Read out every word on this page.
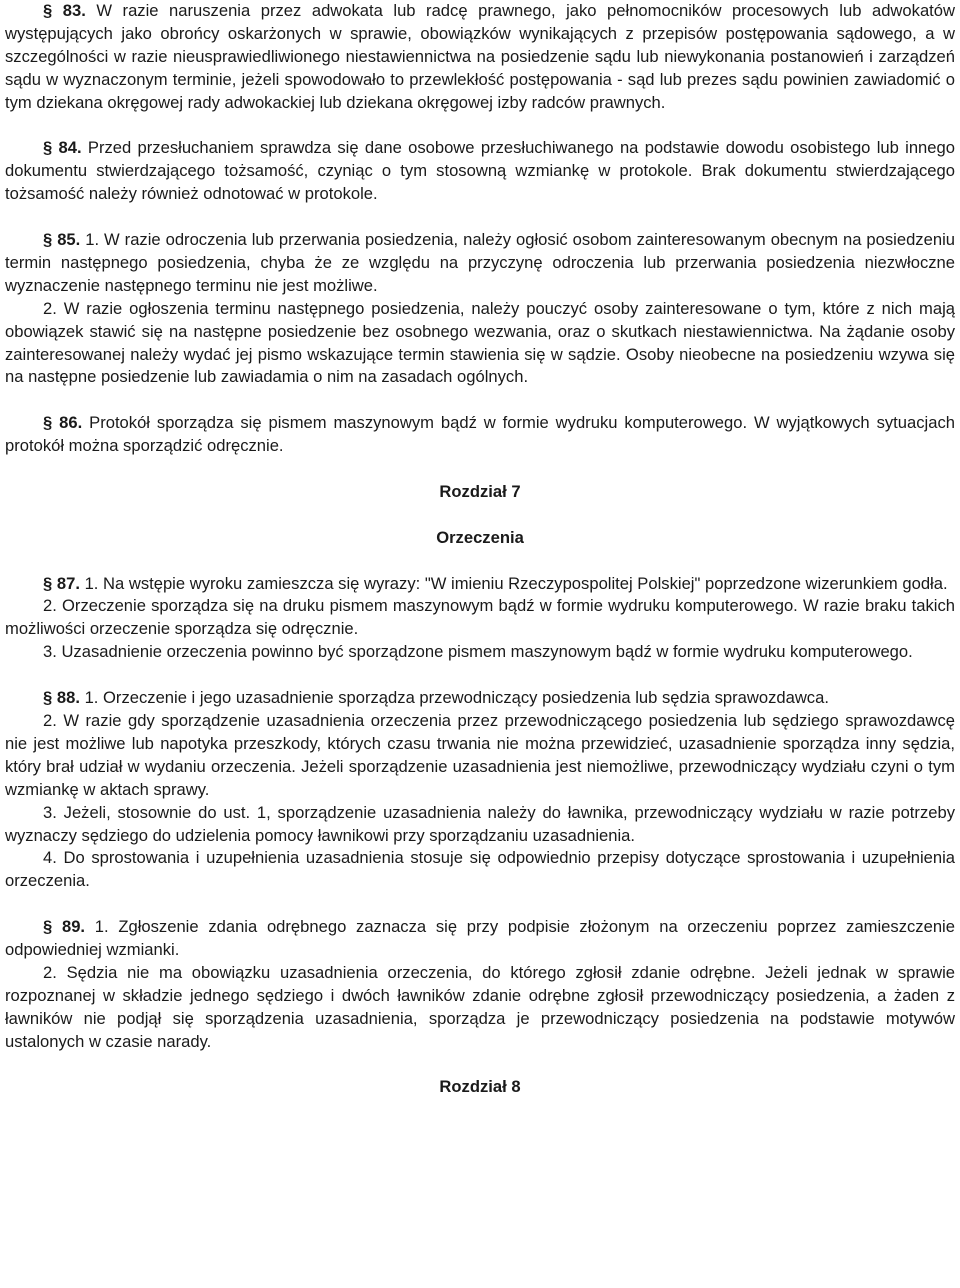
§ 83. W razie naruszenia przez adwokata lub radcę prawnego, jako pełnomocników procesowych lub adwokatów występujących jako obrońcy oskarżonych w sprawie, obowiązków wynikających z przepisów postępowania sądowego, a w szczególności w razie nieusprawiedliwionego niestawiennictwa na posiedzenie sądu lub niewykonania postanowień i zarządzeń sądu w wyznaczonym terminie, jeżeli spowodowało to przewlekłość postępowania - sąd lub prezes sądu powinien zawiadomić o tym dziekana okręgowej rady adwokackiej lub dziekana okręgowej izby radców prawnych.

§ 84. Przed przesłuchaniem sprawdza się dane osobowe przesłuchiwanego na podstawie dowodu osobistego lub innego dokumentu stwierdzającego tożsamość, czyniąc o tym stosowną wzmiankę w protokole. Brak dokumentu stwierdzającego tożsamość należy również odnotować w protokole.

§ 85. 1. W razie odroczenia lub przerwania posiedzenia, należy ogłosić osobom zainteresowanym obecnym na posiedzeniu termin następnego posiedzenia, chyba że ze względu na przyczynę odroczenia lub przerwania posiedzenia niezwłoczne wyznaczenie następnego terminu nie jest możliwe.

2. W razie ogłoszenia terminu następnego posiedzenia, należy pouczyć osoby zainteresowane o tym, które z nich mają obowiązek stawić się na następne posiedzenie bez osobnego wezwania, oraz o skutkach niestawiennictwa. Na żądanie osoby zainteresowanej należy wydać jej pismo wskazujące termin stawienia się w sądzie. Osoby nieobecne na posiedzeniu wzywa się na następne posiedzenie lub zawiadamia o nim na zasadach ogólnych.

§ 86. Protokół sporządza się pismem maszynowym bądź w formie wydruku komputerowego. W wyjątkowych sytuacjach protokół można sporządzić odręcznie.

Rozdział 7

Orzeczenia

§ 87. 1. Na wstępie wyroku zamieszcza się wyrazy: "W imieniu Rzeczypospolitej Polskiej" poprzedzone wizerunkiem godła.

2. Orzeczenie sporządza się na druku pismem maszynowym bądź w formie wydruku komputerowego. W razie braku takich możliwości orzeczenie sporządza się odręcznie.

3. Uzasadnienie orzeczenia powinno być sporządzone pismem maszynowym bądź w formie wydruku komputerowego.

§ 88. 1. Orzeczenie i jego uzasadnienie sporządza przewodniczący posiedzenia lub sędzia sprawozdawca.

2. W razie gdy sporządzenie uzasadnienia orzeczenia przez przewodniczącego posiedzenia lub sędziego sprawozdawcę nie jest możliwe lub napotyka przeszkody, których czasu trwania nie można przewidzieć, uzasadnienie sporządza inny sędzia, który brał udział w wydaniu orzeczenia. Jeżeli sporządzenie uzasadnienia jest niemożliwe, przewodniczący wydziału czyni o tym wzmiankę w aktach sprawy.

3. Jeżeli, stosownie do ust. 1, sporządzenie uzasadnienia należy do ławnika, przewodniczący wydziału w razie potrzeby wyznaczy sędziego do udzielenia pomocy ławnikowi przy sporządzaniu uzasadnienia.

4. Do sprostowania i uzupełnienia uzasadnienia stosuje się odpowiednio przepisy dotyczące sprostowania i uzupełnienia orzeczenia.

§ 89. 1. Zgłoszenie zdania odrębnego zaznacza się przy podpisie złożonym na orzeczeniu poprzez zamieszczenie odpowiedniej wzmianki.

2. Sędzia nie ma obowiązku uzasadnienia orzeczenia, do którego zgłosił zdanie odrębne. Jeżeli jednak w sprawie rozpoznanej w składzie jednego sędziego i dwóch ławników zdanie odrębne zgłosił przewodniczący posiedzenia, a żaden z ławników nie podjął się sporządzenia uzasadnienia, sporządza je przewodniczący posiedzenia na podstawie motywów ustalonych w czasie narady.

Rozdział 8
